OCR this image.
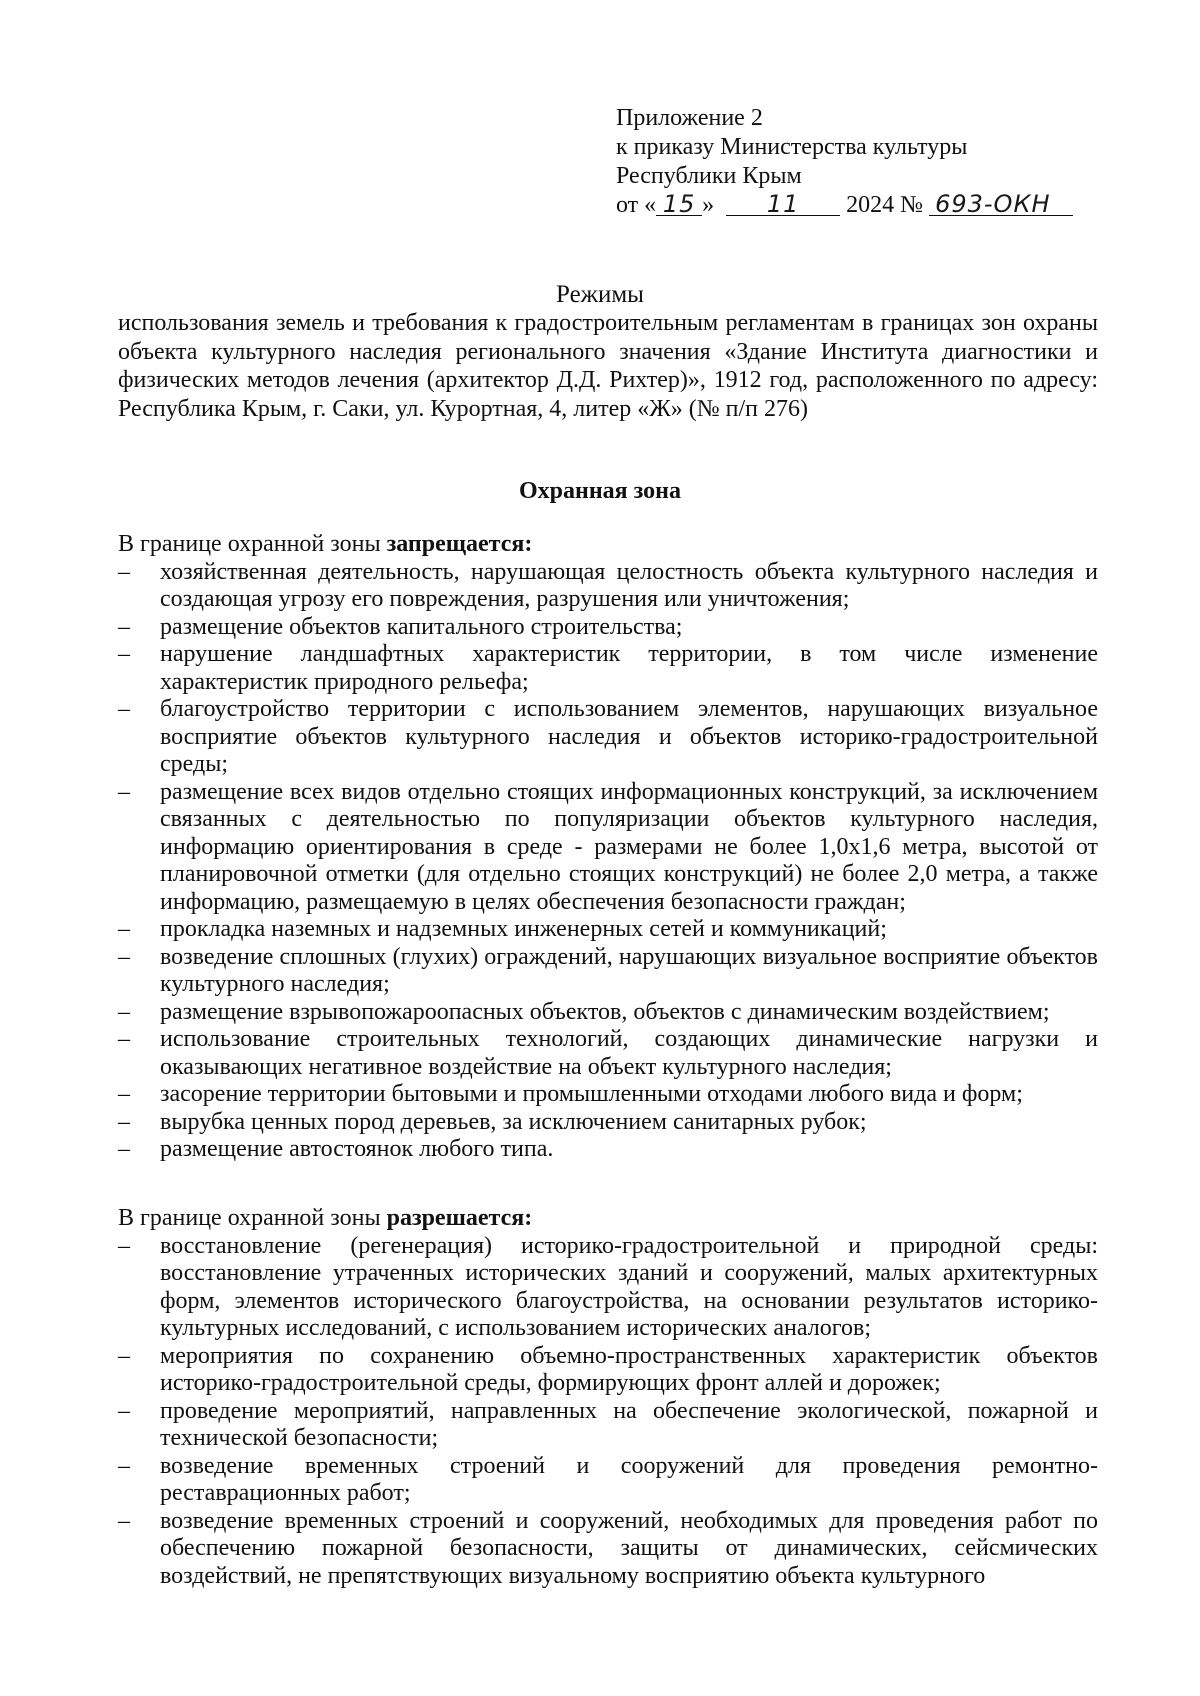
Приложение 2
к приказу Министерства культуры
Республики Крым
от « 15 » 11 2024 № 693-ОКН
Режимы
использования земель и требования к градостроительным регламентам в границах зон охраны объекта культурного наследия регионального значения «Здание Института диагностики и физических методов лечения (архитектор Д.Д. Рихтер)», 1912 год, расположенного по адресу: Республика Крым, г. Саки, ул. Курортная, 4, литер «Ж» (№ п/п 276)
Охранная зона
В границе охранной зоны запрещается:
– хозяйственная деятельность, нарушающая целостность объекта культурного наследия и создающая угрозу его повреждения, разрушения или уничтожения;
– размещение объектов капитального строительства;
– нарушение ландшафтных характеристик территории, в том числе изменение характеристик природного рельефа;
– благоустройство территории с использованием элементов, нарушающих визуальное восприятие объектов культурного наследия и объектов историко-градостроительной среды;
– размещение всех видов отдельно стоящих информационных конструкций, за исключением связанных с деятельностью по популяризации объектов культурного наследия, информацию ориентирования в среде - размерами не более 1,0х1,6 метра, высотой от планировочной отметки (для отдельно стоящих конструкций) не более 2,0 метра, а также информацию, размещаемую в целях обеспечения безопасности граждан;
– прокладка наземных и надземных инженерных сетей и коммуникаций;
– возведение сплошных (глухих) ограждений, нарушающих визуальное восприятие объектов культурного наследия;
– размещение взрывопожароопасных объектов, объектов с динамическим воздействием;
– использование строительных технологий, создающих динамические нагрузки и оказывающих негативное воздействие на объект культурного наследия;
– засорение территории бытовыми и промышленными отходами любого вида и форм;
– вырубка ценных пород деревьев, за исключением санитарных рубок;
– размещение автостоянок любого типа.
В границе охранной зоны разрешается:
– восстановление (регенерация) историко-градостроительной и природной среды: восстановление утраченных исторических зданий и сооружений, малых архитектурных форм, элементов исторического благоустройства, на основании результатов историко-культурных исследований, с использованием исторических аналогов;
– мероприятия по сохранению объемно-пространственных характеристик объектов историко-градостроительной среды, формирующих фронт аллей и дорожек;
– проведение мероприятий, направленных на обеспечение экологической, пожарной и технической безопасности;
– возведение временных строений и сооружений для проведения ремонтно-реставрационных работ;
– возведение временных строений и сооружений, необходимых для проведения работ по обеспечению пожарной безопасности, защиты от динамических, сейсмических воздействий, не препятствующих визуальному восприятию объекта культурного
